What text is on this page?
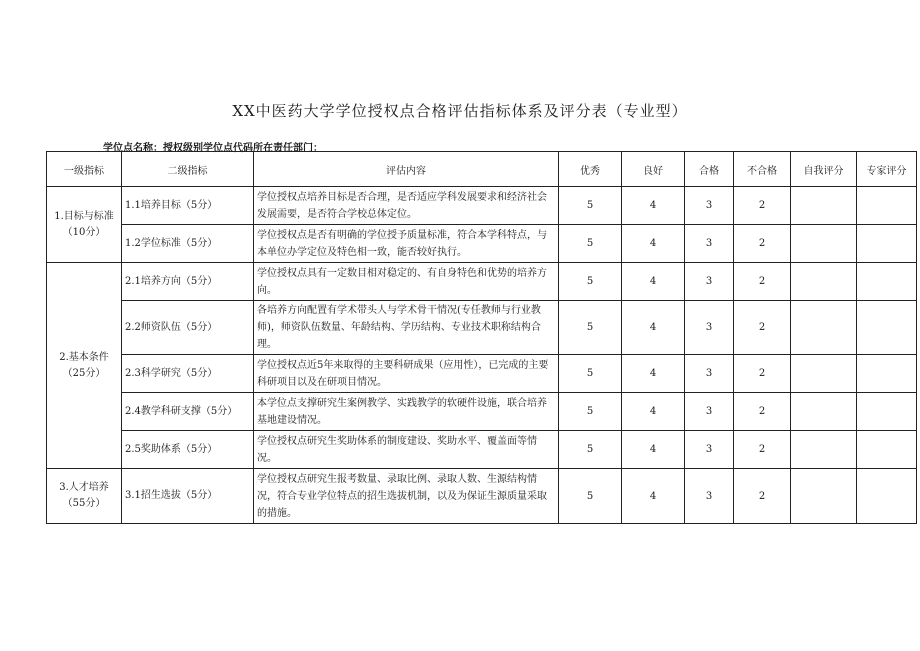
XX中医药大学学位授权点合格评估指标体系及评分表（专业型）
学位点名称：授权级别学位点代码所在责任部门：
一级指标	二级指标	评估内容	优秀	良好	合格	不合格	自我评分	专家评分
1.目标与标准（10分）	1.1培养目标（5分）	学位授权点培养目标是否合理，是否适应学科发展要求和经济社会发展需要，是否符合学校总体定位。	5	4	3	2		
	1.2学位标准（5分）	学位授权点是否有明确的学位授予质量标准，符合本学科特点，与本单位办学定位及特色相一致，能否较好执行。	5	4	3	2		
2.基本条件（25分）	2.1培养方向（5分）	学位授权点具有一定数目相对稳定的、有自身特色和优势的培养方向。	5	4	3	2		
	2.2师资队伍（5分）	各培养方向配置有学术带头人与学术骨干情况(专任教师与行业教师)，师资队伍数量、年龄结构、学历结构、专业技术职称结构合理。	5	4	3	2		
	2.3科学研究（5分）	学位授权点近5年来取得的主要科研成果（应用性），已完成的主要科研项目以及在研项目情况。	5	4	3	2		
	2.4教学科研支撑（5分）	本学位点支撑研究生案例教学、实践教学的软硬件设施，联合培养基地建设情况。	5	4	3	2		
	2.5奖助体系（5分）	学位授权点研究生奖助体系的制度建设、奖助水平、覆盖面等情况。	5	4	3	2		
3.人才培养（55分）	3.1招生选拔（5分）	学位授权点研究生报考数量、录取比例、录取人数、生源结构情况，符合专业学位特点的招生选拔机制，以及为保证生源质量采取的措施。	5	4	3	2		
